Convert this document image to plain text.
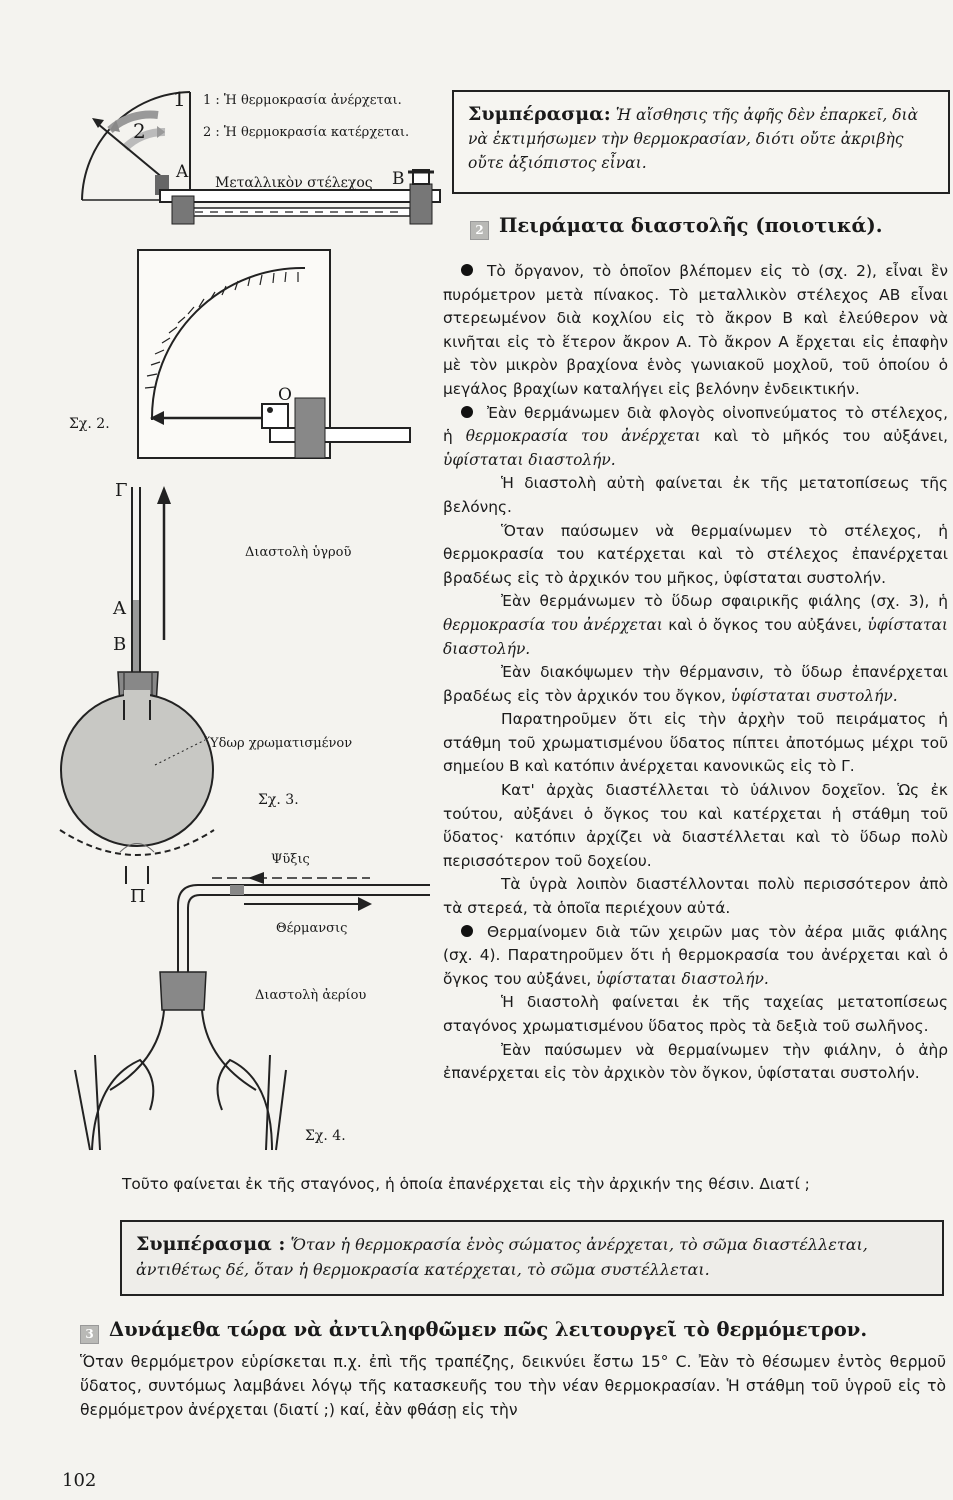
1
2
1 : Ἡ θερμοκρασία ἀνέρχεται.
2 : Ἡ θερμοκρασία κατέρχεται.
A	B
Μεταλλικὸν στέλεχος
Σχ. 2.
O
Γ
A
B
Διαστολὴ ὑγροῦ
Ὕδωρ χρωματισμένον
Σχ. 3.
Π
Ψῦξις
Θέρμανσις
Διαστολὴ ἀερίου
Σχ. 4.
Συμπέρασμα: Ἡ αἴσθησις τῆς ἀφῆς δὲν ἐπαρκεῖ, διὰ νὰ ἐκτιμήσωμεν τὴν θερμοκρασίαν, διότι οὔτε ἀκριβὴς οὔτε ἀξιόπιστος εἶναι.
2 Πειράματα διαστολῆς (ποιοτικά).

Τὸ ὄργανον, τὸ ὁποῖον βλέπομεν εἰς τὸ (σχ. 2), εἶναι ἓν πυρόμετρον μετὰ πίνακος. Τὸ μεταλλικὸν στέλεχος ΑΒ εἶναι στερεωμένον διὰ κοχλίου εἰς τὸ ἄκρον Β καὶ ἐλεύθερον νὰ κινῆται εἰς τὸ ἕτερον ἄκρον Α. Τὸ ἄκρον Α ἔρχεται εἰς ἐπαφὴν μὲ τὸν μικρὸν βραχίονα ἑνὸς γωνιακοῦ μοχλοῦ, τοῦ ὁποίου ὁ μεγάλος βραχίων καταλήγει εἰς βελόνην ἐνδεικτικήν.

Ἐὰν θερμάνωμεν διὰ φλογὸς οἰνοπνεύματος τὸ στέλεχος, ἡ θερμοκρασία του ἀνέρχεται καὶ τὸ μῆκός του αὐξάνει, ὑφίσταται διαστολήν.

Ἡ διαστολὴ αὐτὴ φαίνεται ἐκ τῆς μετατοπίσεως τῆς βελόνης.

Ὅταν παύσωμεν νὰ θερμαίνωμεν τὸ στέλεχος, ἡ θερμοκρασία του κατέρχεται καὶ τὸ στέλεχος ἐπανέρχεται βραδέως εἰς τὸ ἀρχικόν του μῆκος, ὑφίσταται συστολήν.

Ἐὰν θερμάνωμεν τὸ ὕδωρ σφαιρικῆς φιάλης (σχ. 3), ἡ θερμοκρασία του ἀνέρχεται καὶ ὁ ὄγκος του αὐξάνει, ὑφίσταται διαστολήν.

Ἐὰν διακόψωμεν τὴν θέρμανσιν, τὸ ὕδωρ ἐπανέρχεται βραδέως εἰς τὸν ἀρχικόν του ὄγκον, ὑφίσταται συστολήν.

Παρατηροῦμεν ὅτι εἰς τὴν ἀρχὴν τοῦ πειράματος ἡ στάθμη τοῦ χρωματισμένου ὕδατος πίπτει ἀποτόμως μέχρι τοῦ σημείου Β καὶ κατόπιν ἀνέρχεται κανονικῶς εἰς τὸ Γ.

Κατ' ἀρχὰς διαστέλλεται τὸ ὑάλινον δοχεῖον. Ὡς ἐκ τούτου, αὐξάνει ὁ ὄγκος του καὶ κατέρχεται ἡ στάθμη τοῦ ὕδατος· κατόπιν ἀρχίζει νὰ διαστέλλεται καὶ τὸ ὕδωρ πολὺ περισσότερον τοῦ δοχείου.

Τὰ ὑγρὰ λοιπὸν διαστέλλονται πολὺ περισσότερον ἀπὸ τὰ στερεά, τὰ ὁποῖα περιέχουν αὐτά.

Θερμαίνομεν διὰ τῶν χειρῶν μας τὸν ἀέρα μιᾶς φιάλης (σχ. 4). Παρατηροῦμεν ὅτι ἡ θερμοκρασία του ἀνέρχεται καὶ ὁ ὄγκος του αὐξάνει, ὑφίσταται διαστολήν.

Ἡ διαστολὴ φαίνεται ἐκ τῆς ταχείας μετατοπίσεως σταγόνος χρωματισμένου ὕδατος πρὸς τὰ δεξιὰ τοῦ σωλῆνος.

Ἐὰν παύσωμεν νὰ θερμαίνωμεν τὴν φιάλην, ὁ ἀὴρ ἐπανέρχεται εἰς τὸν ἀρχικὸν τὸν ὄγκον, ὑφίσταται συστολήν.

Τοῦτο φαίνεται ἐκ τῆς σταγόνος, ἡ ὁποία ἐπανέρχεται εἰς τὴν ἀρχικήν της θέσιν. Διατί ;
Συμπέρασμα : Ὅταν ἡ θερμοκρασία ἑνὸς σώματος ἀνέρχεται, τὸ σῶμα διαστέλλεται, ἀντιθέτως δέ, ὅταν ἡ θερμοκρασία κατέρχεται, τὸ σῶμα συστέλλεται.
3 Δυνάμεθα τώρα νὰ ἀντιληφθῶμεν πῶς λειτουργεῖ τὸ θερμόμετρον.

Ὅταν θερμόμετρον εὑρίσκεται π.χ. ἐπὶ τῆς τραπέζης, δεικνύει ἔστω 15° C. Ἐὰν τὸ θέσωμεν ἐντὸς θερμοῦ ὕδατος, συντόμως λαμβάνει λόγῳ τῆς κατασκευῆς του τὴν νέαν θερμοκρασίαν. Ἡ στάθμη τοῦ ὑγροῦ εἰς τὸ θερμόμετρον ἀνέρχεται (διατί ;) καί, ἐὰν φθάσῃ εἰς τὴν

102
